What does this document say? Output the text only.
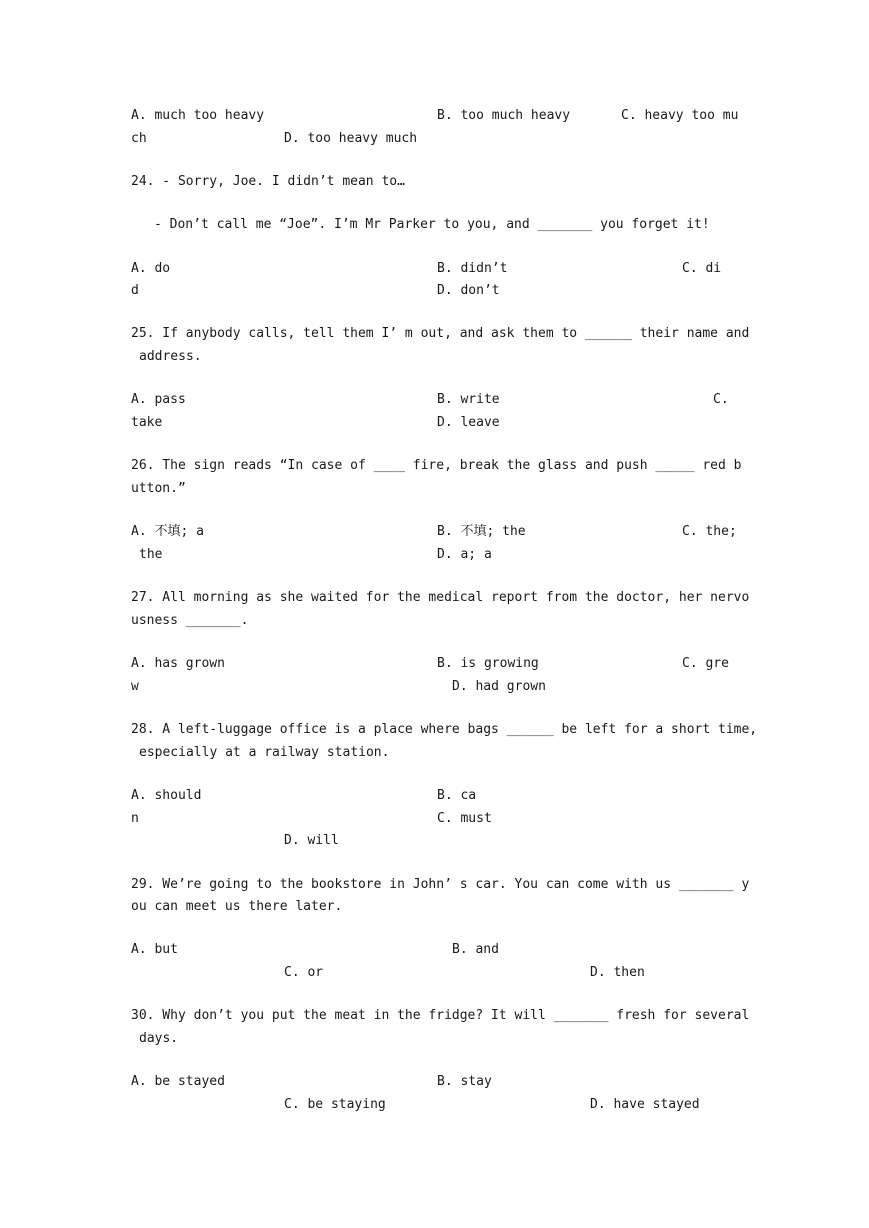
A. much too heavy	B. too much heavy	C. heavy too mu
ch	D. too heavy much
24. - Sorry, Joe. I didn’t mean to…
- Don’t call me “Joe”. I’m Mr Parker to you, and _______ you forget it!
A. do	B. didn’t	C. di
d	D. don’t
25. If anybody calls, tell them I’ m out, and ask them to ______ their name and
address.
A. pass	B. write	C.
take	D. leave
26. The sign reads “In case of ____ fire, break the glass and push _____ red b
utton.”
A. 不填; a	B. 不填; the	C. the;
the	D. a; a
27. All morning as she waited for the medical report from the doctor, her nervo
usness _______.
A. has grown	B. is growing	C. gre
w	D. had grown
28. A left-luggage office is a place where bags ______ be left for a short time,
especially at a railway station.
A. should	B. ca
n	C. must
D. will
29. We’re going to the bookstore in John’ s car. You can come with us _______ y
ou can meet us there later.
A. but	B. and
C. or	D. then
30. Why don’t you put the meat in the fridge? It will _______ fresh for several
days.
A. be stayed	B. stay
C. be staying	D. have stayed
